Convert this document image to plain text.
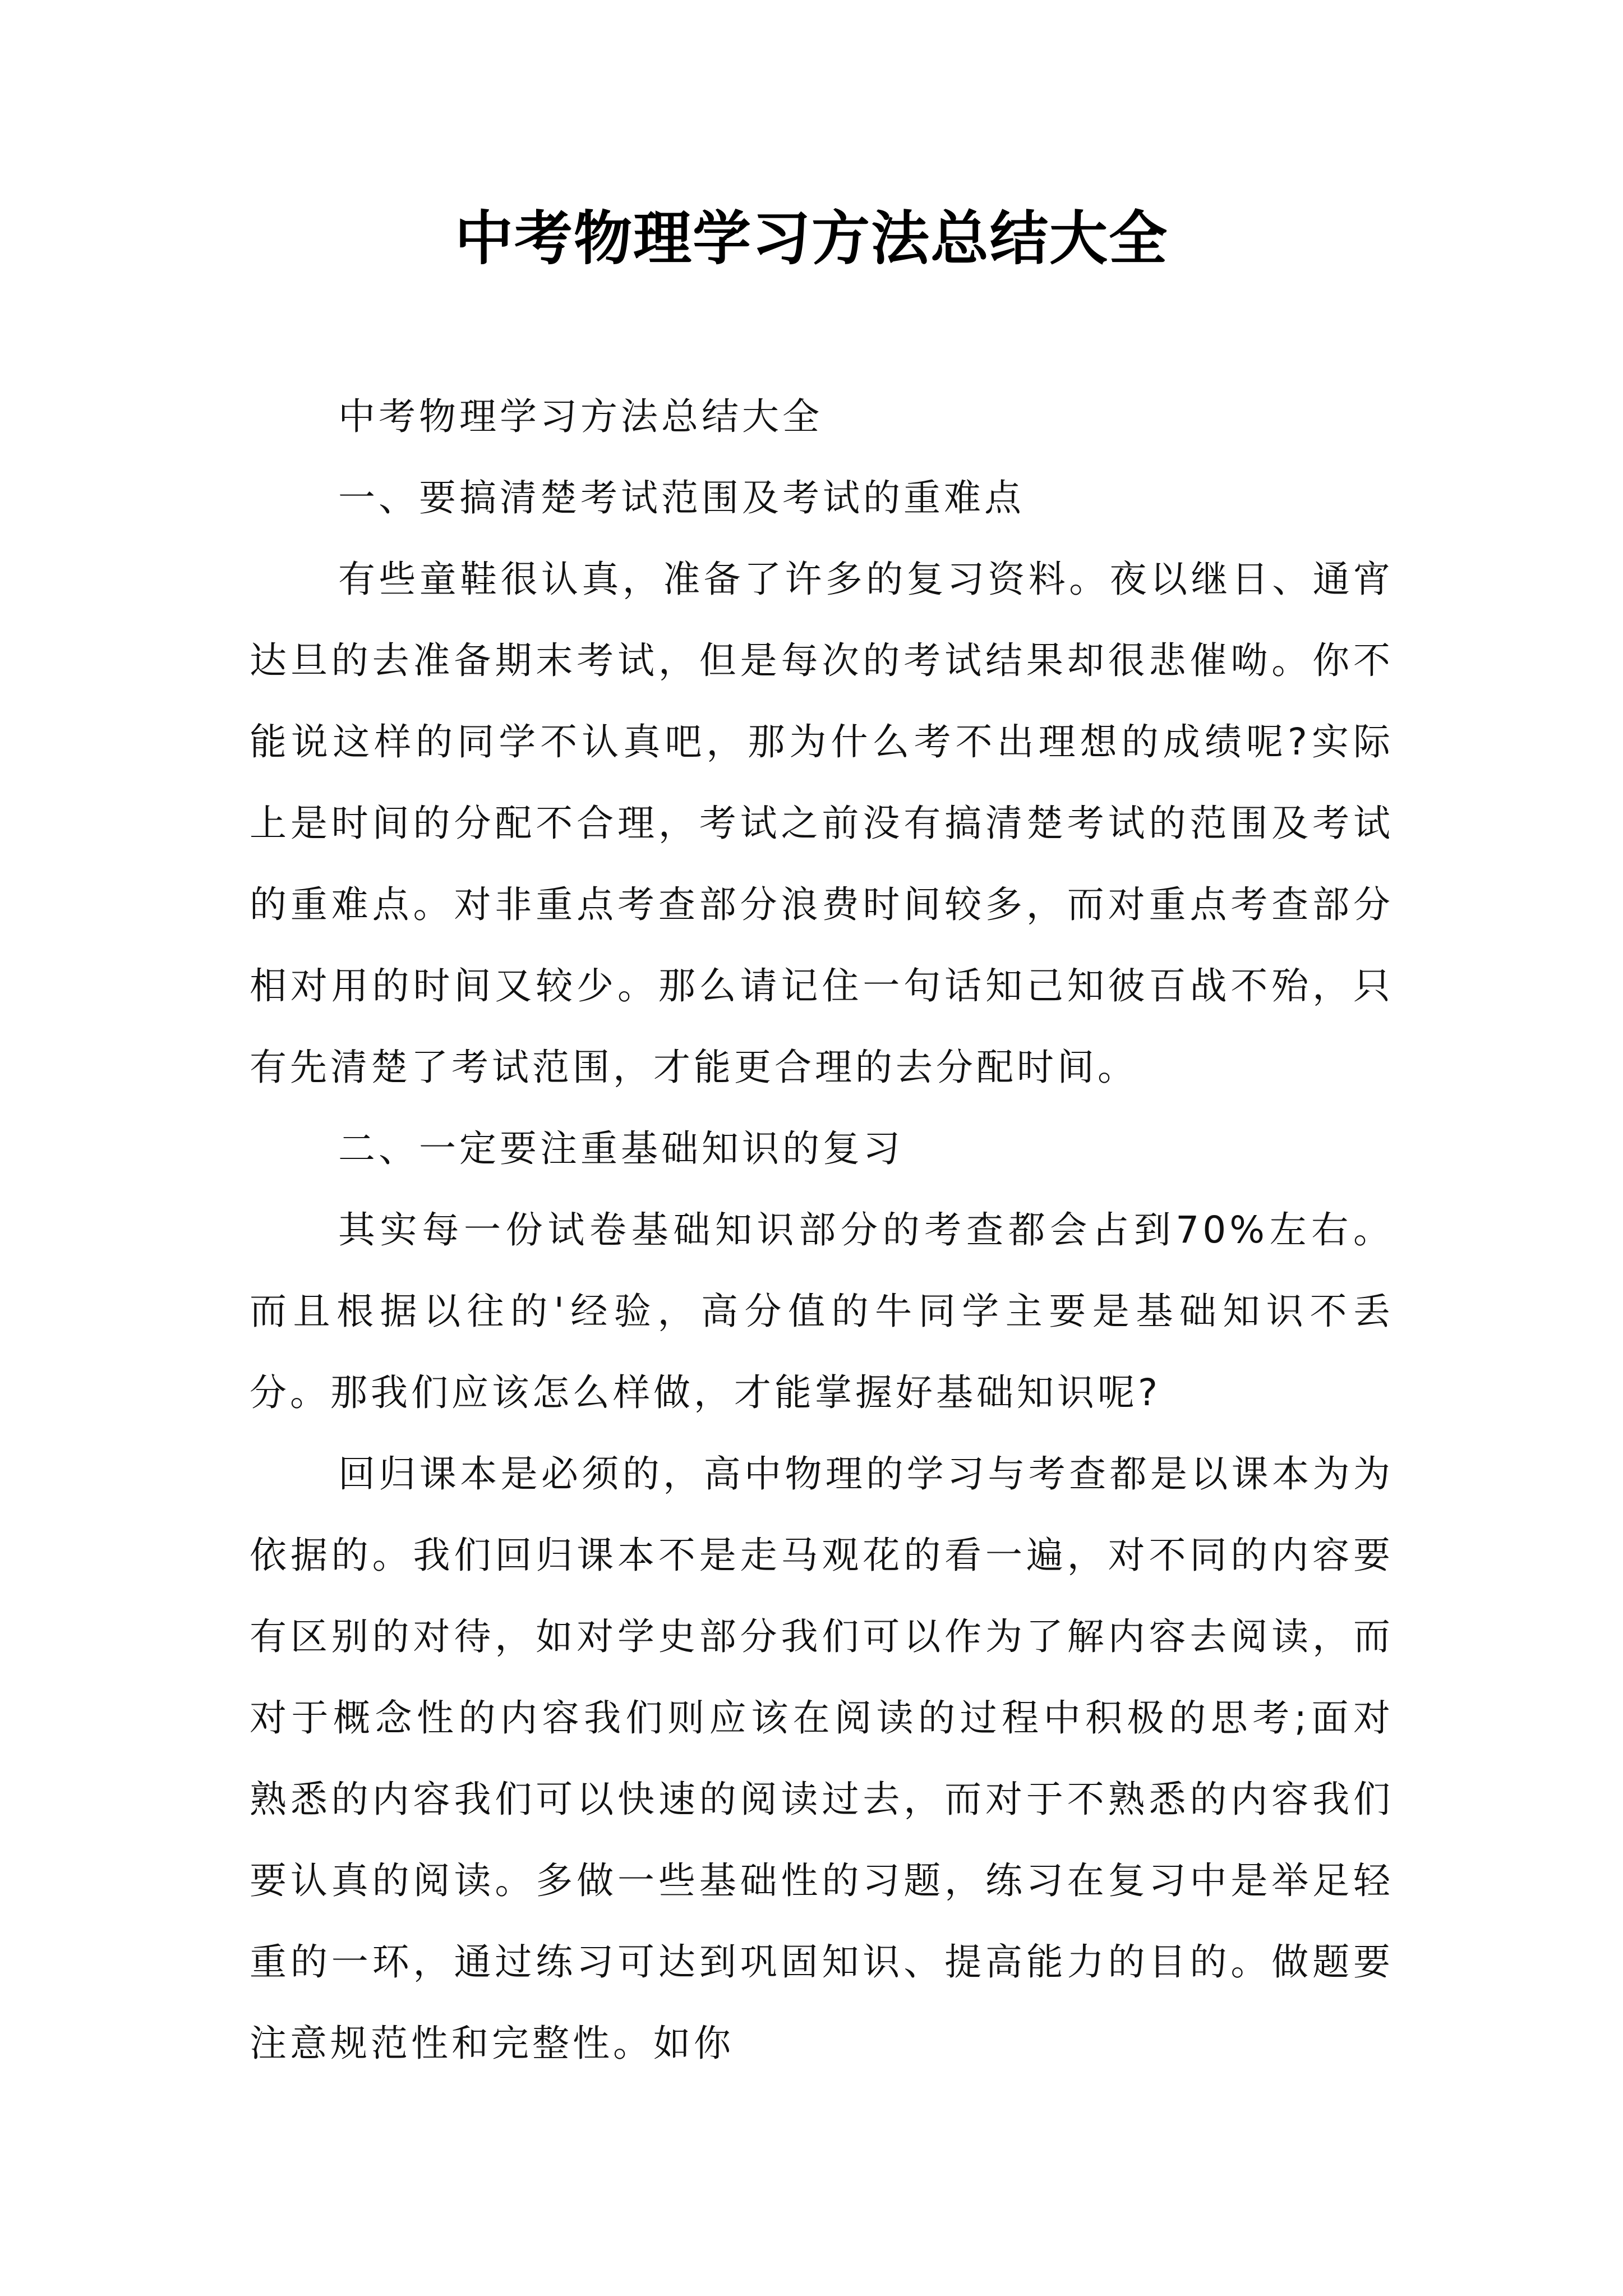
中考物理学习方法总结大全

中考物理学习方法总结大全

一、要搞清楚考试范围及考试的重难点

有些童鞋很认真，准备了许多的复习资料。夜以继日、通宵达旦的去准备期末考试，但是每次的考试结果却很悲催呦。你不能说这样的同学不认真吧，那为什么考不出理想的成绩呢?实际上是时间的分配不合理，考试之前没有搞清楚考试的范围及考试的重难点。对非重点考查部分浪费时间较多，而对重点考查部分相对用的时间又较少。那么请记住一句话知己知彼百战不殆，只有先清楚了考试范围，才能更合理的去分配时间。

二、一定要注重基础知识的复习

其实每一份试卷基础知识部分的考查都会占到70%左右。而且根据以往的'经验，高分值的牛同学主要是基础知识不丢分。那我们应该怎么样做，才能掌握好基础知识呢?

回归课本是必须的，高中物理的学习与考查都是以课本为为依据的。我们回归课本不是走马观花的看一遍，对不同的内容要有区别的对待，如对学史部分我们可以作为了解内容去阅读，而对于概念性的内容我们则应该在阅读的过程中积极的思考;面对熟悉的内容我们可以快速的阅读过去，而对于不熟悉的内容我们要认真的阅读。多做一些基础性的习题，练习在复习中是举足轻重的一环，通过练习可达到巩固知识、提高能力的目的。做题要注意规范性和完整性。如你
